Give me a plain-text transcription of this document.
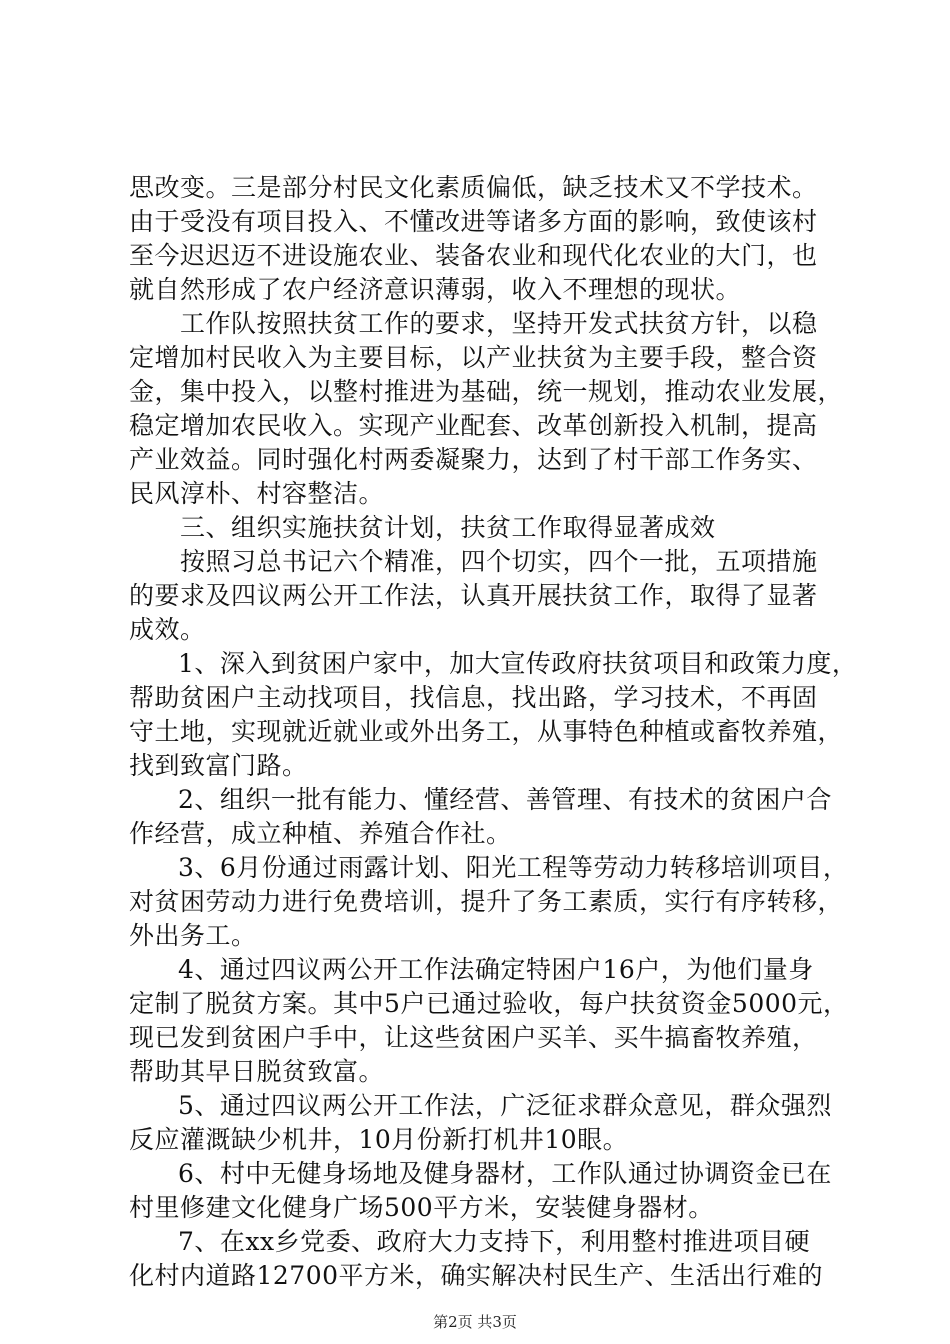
思改变。三是部分村民文化素质偏低，缺乏技术又不学技术。
由于受没有项目投入、不懂改进等诸多方面的影响，致使该村
至今迟迟迈不进设施农业、装备农业和现代化农业的大门，也
就自然形成了农户经济意识薄弱，收入不理想的现状。
工作队按照扶贫工作的要求，坚持开发式扶贫方针，以稳
定增加村民收入为主要目标，以产业扶贫为主要手段，整合资
金，集中投入，以整村推进为基础，统一规划，推动农业发展，
稳定增加农民收入。实现产业配套、改革创新投入机制，提高
产业效益。同时强化村两委凝聚力，达到了村干部工作务实、
民风淳朴、村容整洁。
三、组织实施扶贫计划，扶贫工作取得显著成效
按照习总书记六个精准，四个切实，四个一批，五项措施
的要求及四议两公开工作法，认真开展扶贫工作，取得了显著
成效。
1、深入到贫困户家中，加大宣传政府扶贫项目和政策力度，
帮助贫困户主动找项目，找信息，找出路，学习技术，不再固
守土地，实现就近就业或外出务工，从事特色种植或畜牧养殖，
找到致富门路。
2、组织一批有能力、懂经营、善管理、有技术的贫困户合
作经营，成立种植、养殖合作社。
3、6月份通过雨露计划、阳光工程等劳动力转移培训项目，
对贫困劳动力进行免费培训，提升了务工素质，实行有序转移，
外出务工。
4、通过四议两公开工作法确定特困户16户，为他们量身
定制了脱贫方案。其中5户已通过验收，每户扶贫资金5000元，
现已发到贫困户手中，让这些贫困户买羊、买牛搞畜牧养殖，
帮助其早日脱贫致富。
5、通过四议两公开工作法，广泛征求群众意见，群众强烈
反应灌溉缺少机井，10月份新打机井10眼。
6、村中无健身场地及健身器材，工作队通过协调资金已在
村里修建文化健身广场500平方米，安装健身器材。
7、在xx乡党委、政府大力支持下，利用整村推进项目硬
化村内道路12700平方米，确实解决村民生产、生活出行难的
第2页 共3页
